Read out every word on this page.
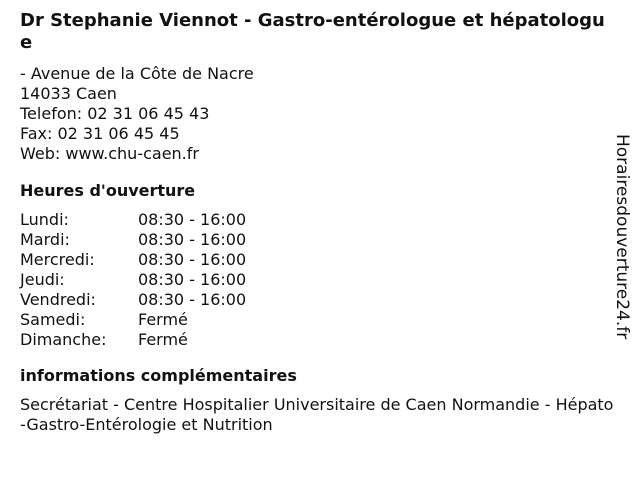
Dr Stephanie Viennot - Gastro-entérologue et hépatologue
- Avenue de la Côte de Nacre
14033 Caen
Telefon: 02 31 06 45 43
Fax: 02 31 06 45 45
Web: www.chu-caen.fr
Heures d'ouverture
Lundi:	08:30 - 16:00
Mardi:	08:30 - 16:00
Mercredi:	08:30 - 16:00
Jeudi:	08:30 - 16:00
Vendredi:	08:30 - 16:00
Samedi:	Fermé
Dimanche:	Fermé
informations complémentaires
Secrétariat - Centre Hospitalier Universitaire de Caen Normandie - Hépato-Gastro-Entérologie et Nutrition
Horairesdouverture24.fr
